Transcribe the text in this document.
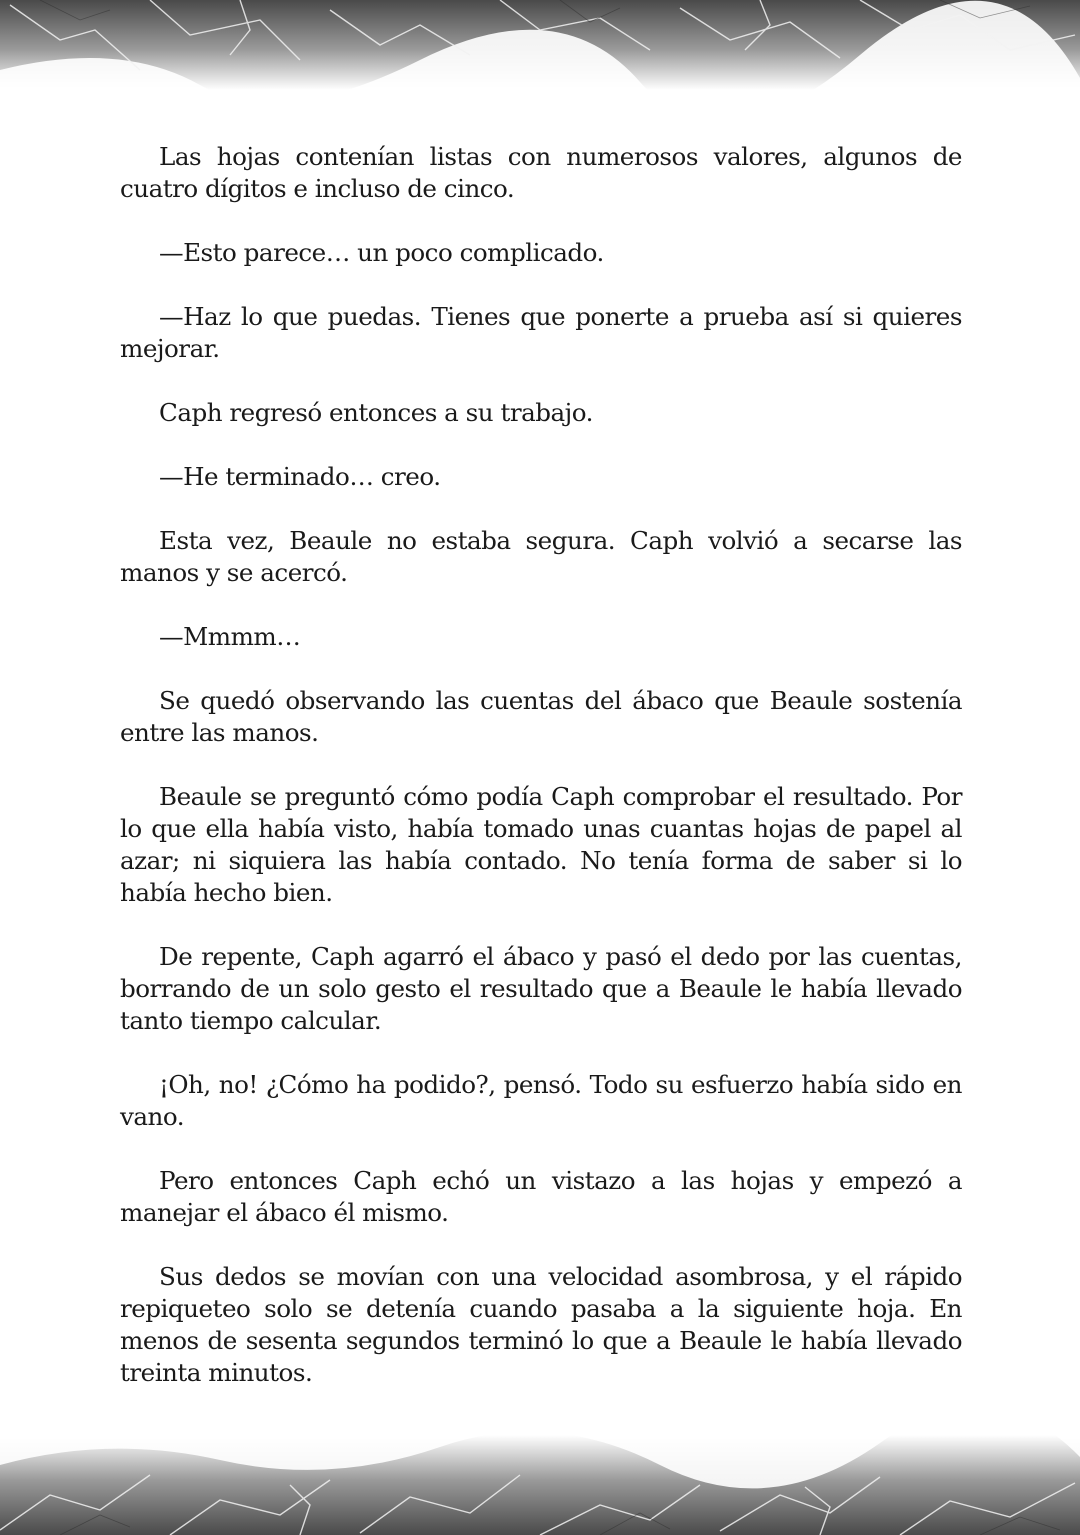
Las hojas contenían listas con numerosos valores, algunos de cuatro dígitos e incluso de cinco.

—Esto parece… un poco complicado.

—Haz lo que puedas. Tienes que ponerte a prueba así si quieres mejorar.

Caph regresó entonces a su trabajo.

—He terminado… creo.

Esta vez, Beaule no estaba segura. Caph volvió a secarse las manos y se acercó.

—Mmmm…

Se quedó observando las cuentas del ábaco que Beaule sostenía entre las manos.

Beaule se preguntó cómo podía Caph comprobar el resultado. Por lo que ella había visto, había tomado unas cuantas hojas de papel al azar; ni siquiera las había contado. No tenía forma de saber si lo había hecho bien.

De repente, Caph agarró el ábaco y pasó el dedo por las cuentas, borrando de un solo gesto el resultado que a Beaule le había llevado tanto tiempo calcular.

¡Oh, no! ¿Cómo ha podido?, pensó. Todo su esfuerzo había sido en vano.

Pero entonces Caph echó un vistazo a las hojas y empezó a manejar el ábaco él mismo.

Sus dedos se movían con una velocidad asombrosa, y el rápido repiqueteo solo se detenía cuando pasaba a la siguiente hoja. En menos de sesenta segundos terminó lo que a Beaule le había llevado treinta minutos.
